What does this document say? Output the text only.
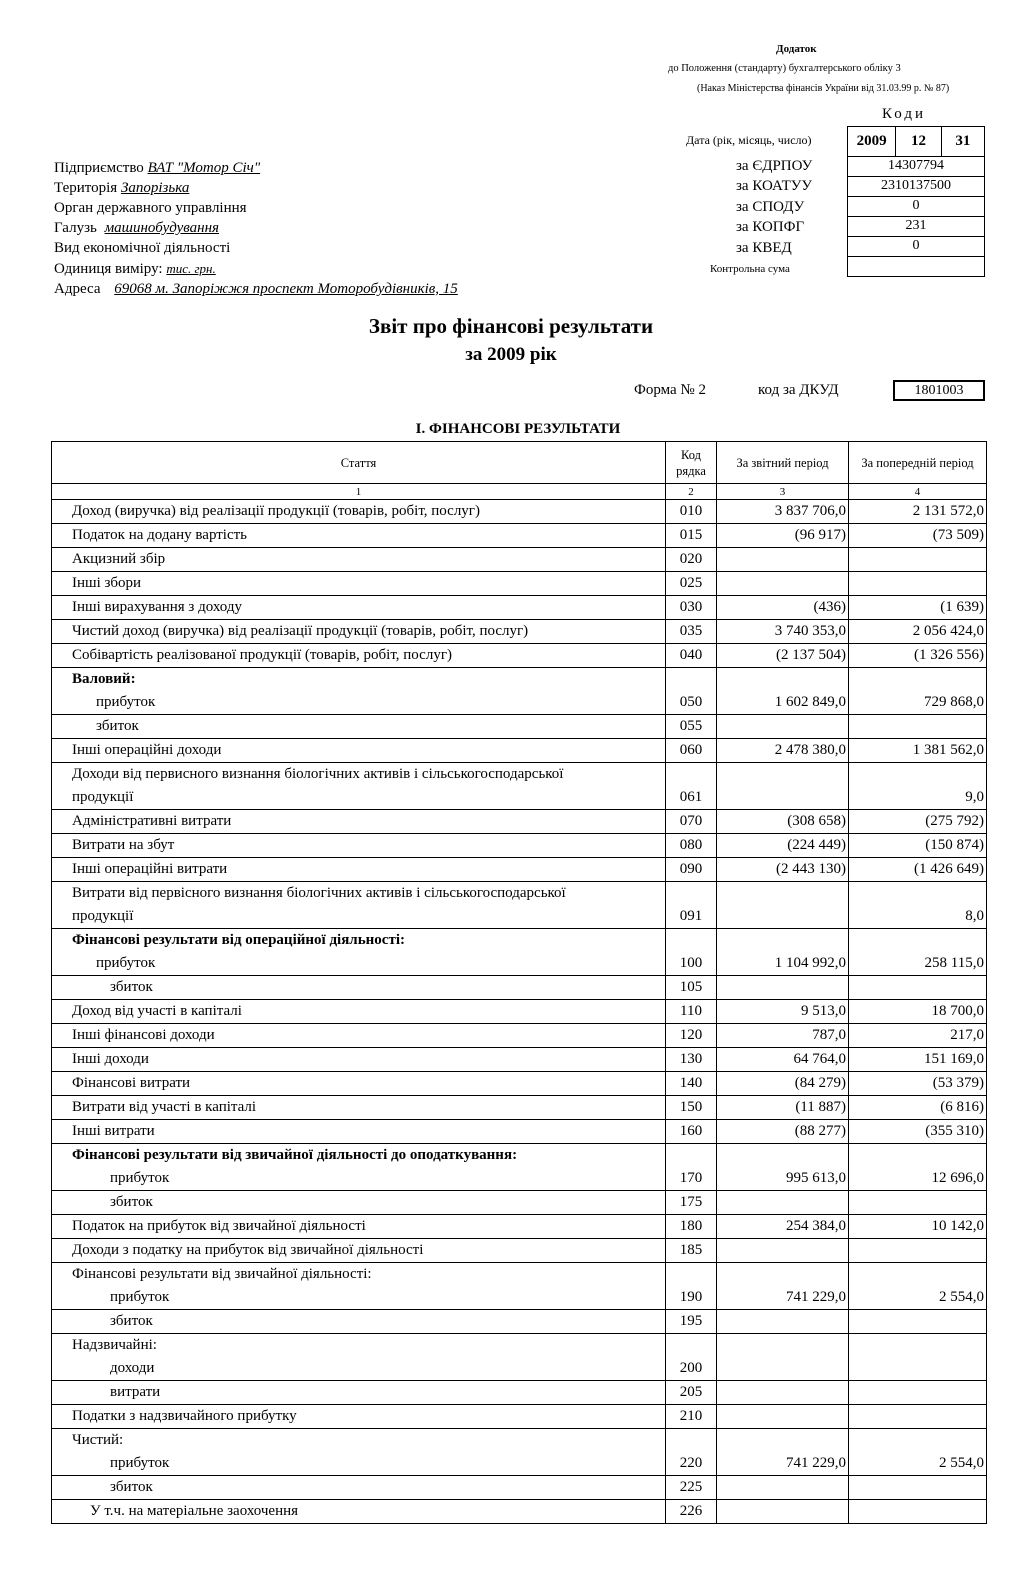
Додаток
до Положення (стандарту) бухгалтерського обліку 3
(Наказ Міністерства фінансів України від 31.03.99 р. № 87)
Коди
Дата (рік, місяць, число)	2009	12	31
за ЄДРПОУ	14307794
за КОАТУУ	2310137500
за СПОДУ	0
за КОПФГ	231
за КВЕД	0
Контрольна сума
Підприємство ВАТ "Мотор Січ"
Територія Запорізька
Орган державного управління
Галузь машинобудування
Вид економічної діяльності
Одиниця виміру: тис. грн.
Адреса 69068 м. Запоріжжя проспект Моторобудівників, 15
Звіт про фінансові результати
за 2009 рік
Форма № 2	код за ДКУД	1801003
І. ФІНАНСОВІ РЕЗУЛЬТАТИ
Стаття	Код рядка	За звітний період	За попередній період
1	2	3	4
Доход (виручка) від реалізації продукції (товарів, робіт, послуг)	010	3 837 706,0	2 131 572,0
Податок на додану вартість	015	(96 917)	(73 509)
Акцизний збір	020		
Інші збори	025		
Інші вирахування з доходу	030	(436)	(1 639)
Чистий доход (виручка) від реалізації продукції (товарів, робіт, послуг)	035	3 740 353,0	2 056 424,0
Собівартість реалізованої продукції (товарів, робіт, послуг)	040	(2 137 504)	(1 326 556)

Валовий:
прибуток	050	1 602 849,0	729 868,0
збиток	055		
Інші операційні доходи	060	2 478 380,0	1 381 562,0

Доходи від первисного визнання біологічних активів і сільськогосподарської
продукції	061		9,0
Адміністративні витрати	070	(308 658)	(275 792)
Витрати на збут	080	(224 449)	(150 874)
Інші операційні витрати	090	(2 443 130)	(1 426 649)

Витрати від первісного визнання біологічних активів і сільськогосподарської
продукції	091		8,0

Фінансові результати від операційної діяльності:
прибуток	100	1 104 992,0	258 115,0
збиток	105		
Доход від участі в капіталі	110	9 513,0	18 700,0
Інші фінансові доходи	120	787,0	217,0
Інші доходи	130	64 764,0	151 169,0
Фінансові витрати	140	(84 279)	(53 379)
Витрати від участі в капіталі	150	(11 887)	(6 816)
Інші витрати	160	(88 277)	(355 310)

Фінансові результати від звичайної діяльності до оподаткування:
прибуток	170	995 613,0	12 696,0
збиток	175		
Податок на прибуток від звичайної діяльності	180	254 384,0	10 142,0
Доходи з податку на прибуток від звичайної діяльності	185		

Фінансові результати від звичайної діяльності:
прибуток	190	741 229,0	2 554,0
збиток	195		

Надзвичайні:
доходи	200		
витрати	205		
Податки з надзвичайного прибутку	210		

Чистий:
прибуток	220	741 229,0	2 554,0
збиток	225		
У т.ч. на матеріальне заохочення	226		
